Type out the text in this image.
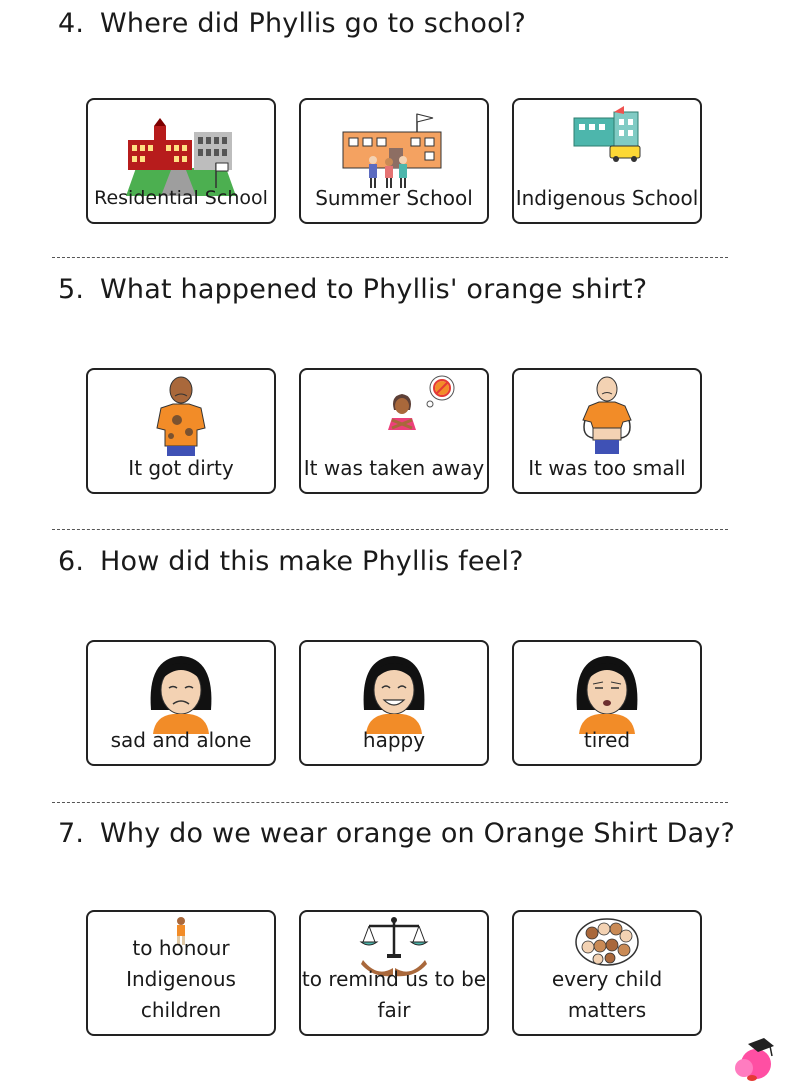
4. Where did Phyllis go to school?
Residential School	Summer School	Indigenous School
5. What happened to Phyllis' orange shirt?
It got dirty	It was taken away	It was too small
6. How did this make Phyllis feel?
sad and alone	happy	tired
7. Why do we wear orange on Orange Shirt Day?
to honour Indigenous children
to remind us to be fair
every child matters
